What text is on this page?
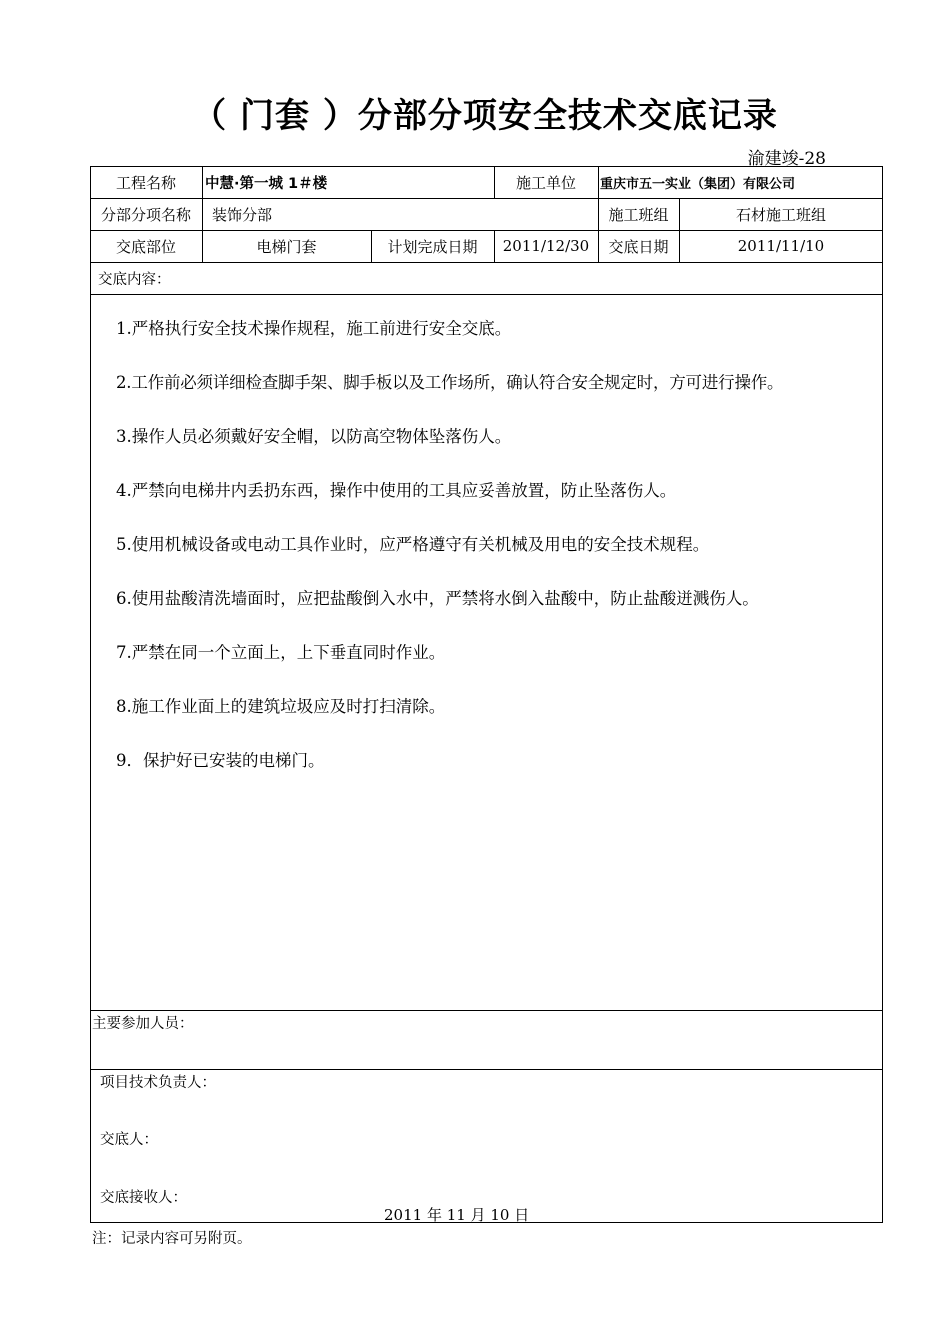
（ 门套 ）分部分项安全技术交底记录
渝建竣-28
工程名称	中慧·第一城 1＃楼	施工单位	重庆市五一实业（集团）有限公司
分部分项名称	装饰分部	施工班组	石材施工班组
交底部位	电梯门套	计划完成日期	2011/12/30	交底日期	2011/11/10
交底内容：
1.严格执行安全技术操作规程，施工前进行安全交底。
2.工作前必须详细检查脚手架、脚手板以及工作场所，确认符合安全规定时，方可进行操作。
3.操作人员必须戴好安全帽，以防高空物体坠落伤人。
4.严禁向电梯井内丢扔东西，操作中使用的工具应妥善放置，防止坠落伤人。
5.使用机械设备或电动工具作业时，应严格遵守有关机械及用电的安全技术规程。
6.使用盐酸清洗墙面时，应把盐酸倒入水中，严禁将水倒入盐酸中，防止盐酸迸溅伤人。
7.严禁在同一个立面上，上下垂直同时作业。
8.施工作业面上的建筑垃圾应及时打扫清除。
9．保护好已安装的电梯门。
主要参加人员：
项目技术负责人：
交底人：
交底接收人：
2011 年 11 月 10 日
注：记录内容可另附页。
